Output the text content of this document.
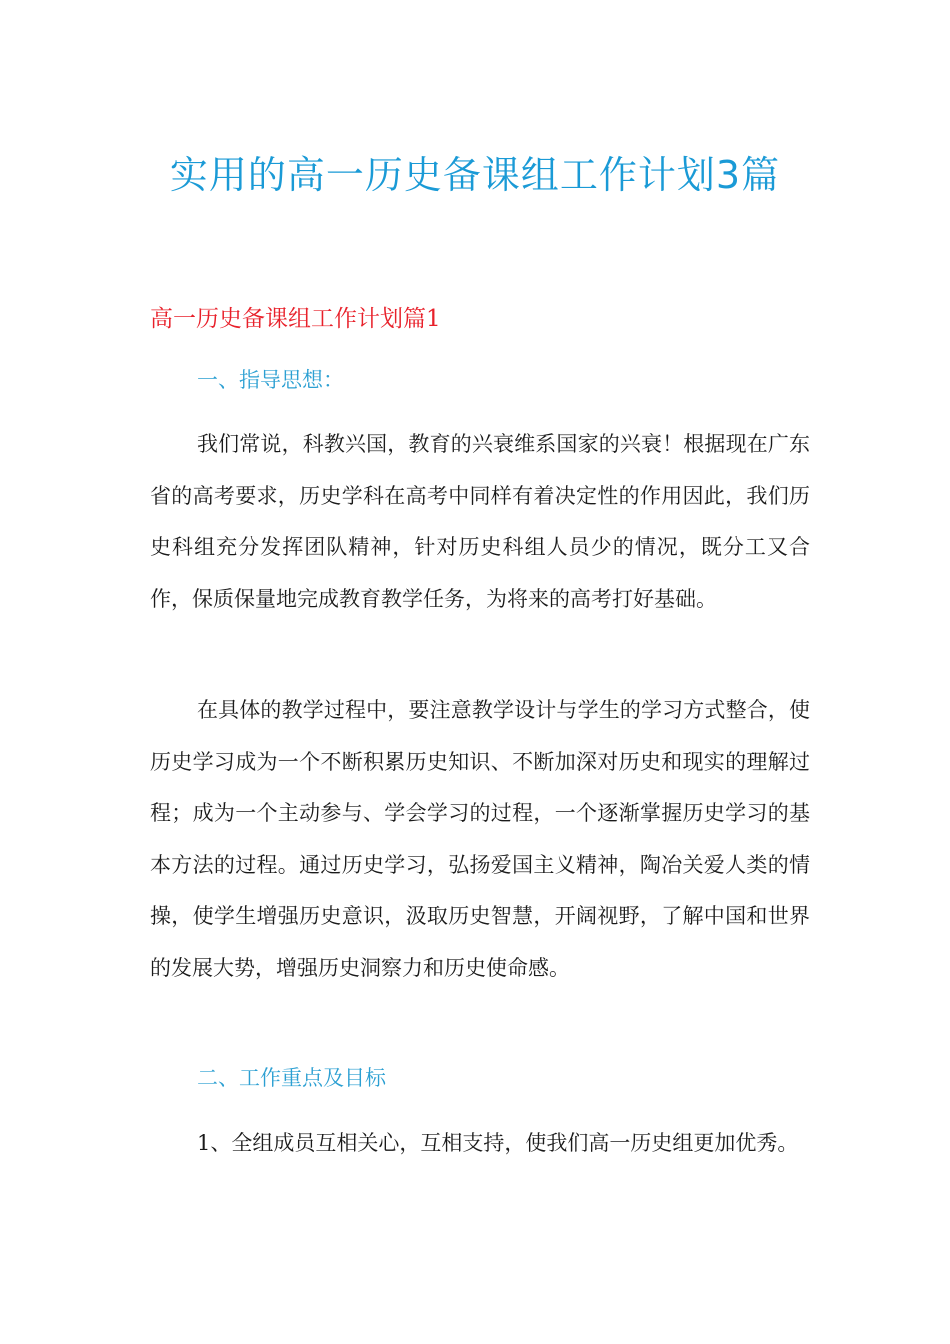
实用的高一历史备课组工作计划3篇
高一历史备课组工作计划篇1
一、指导思想：

我们常说，科教兴国，教育的兴衰维系国家的兴衰！根据现在广东省的高考要求，历史学科在高考中同样有着决定性的作用因此，我们历史科组充分发挥团队精神，针对历史科组人员少的情况，既分工又合作，保质保量地完成教育教学任务，为将来的高考打好基础。

在具体的教学过程中，要注意教学设计与学生的学习方式整合，使历史学习成为一个不断积累历史知识、不断加深对历史和现实的理解过程；成为一个主动参与、学会学习的过程，一个逐渐掌握历史学习的基本方法的过程。通过历史学习，弘扬爱国主义精神，陶冶关爱人类的情操，使学生增强历史意识，汲取历史智慧，开阔视野，了解中国和世界的发展大势，增强历史洞察力和历史使命感。

二、工作重点及目标

1、全组成员互相关心，互相支持，使我们高一历史组更加优秀。
